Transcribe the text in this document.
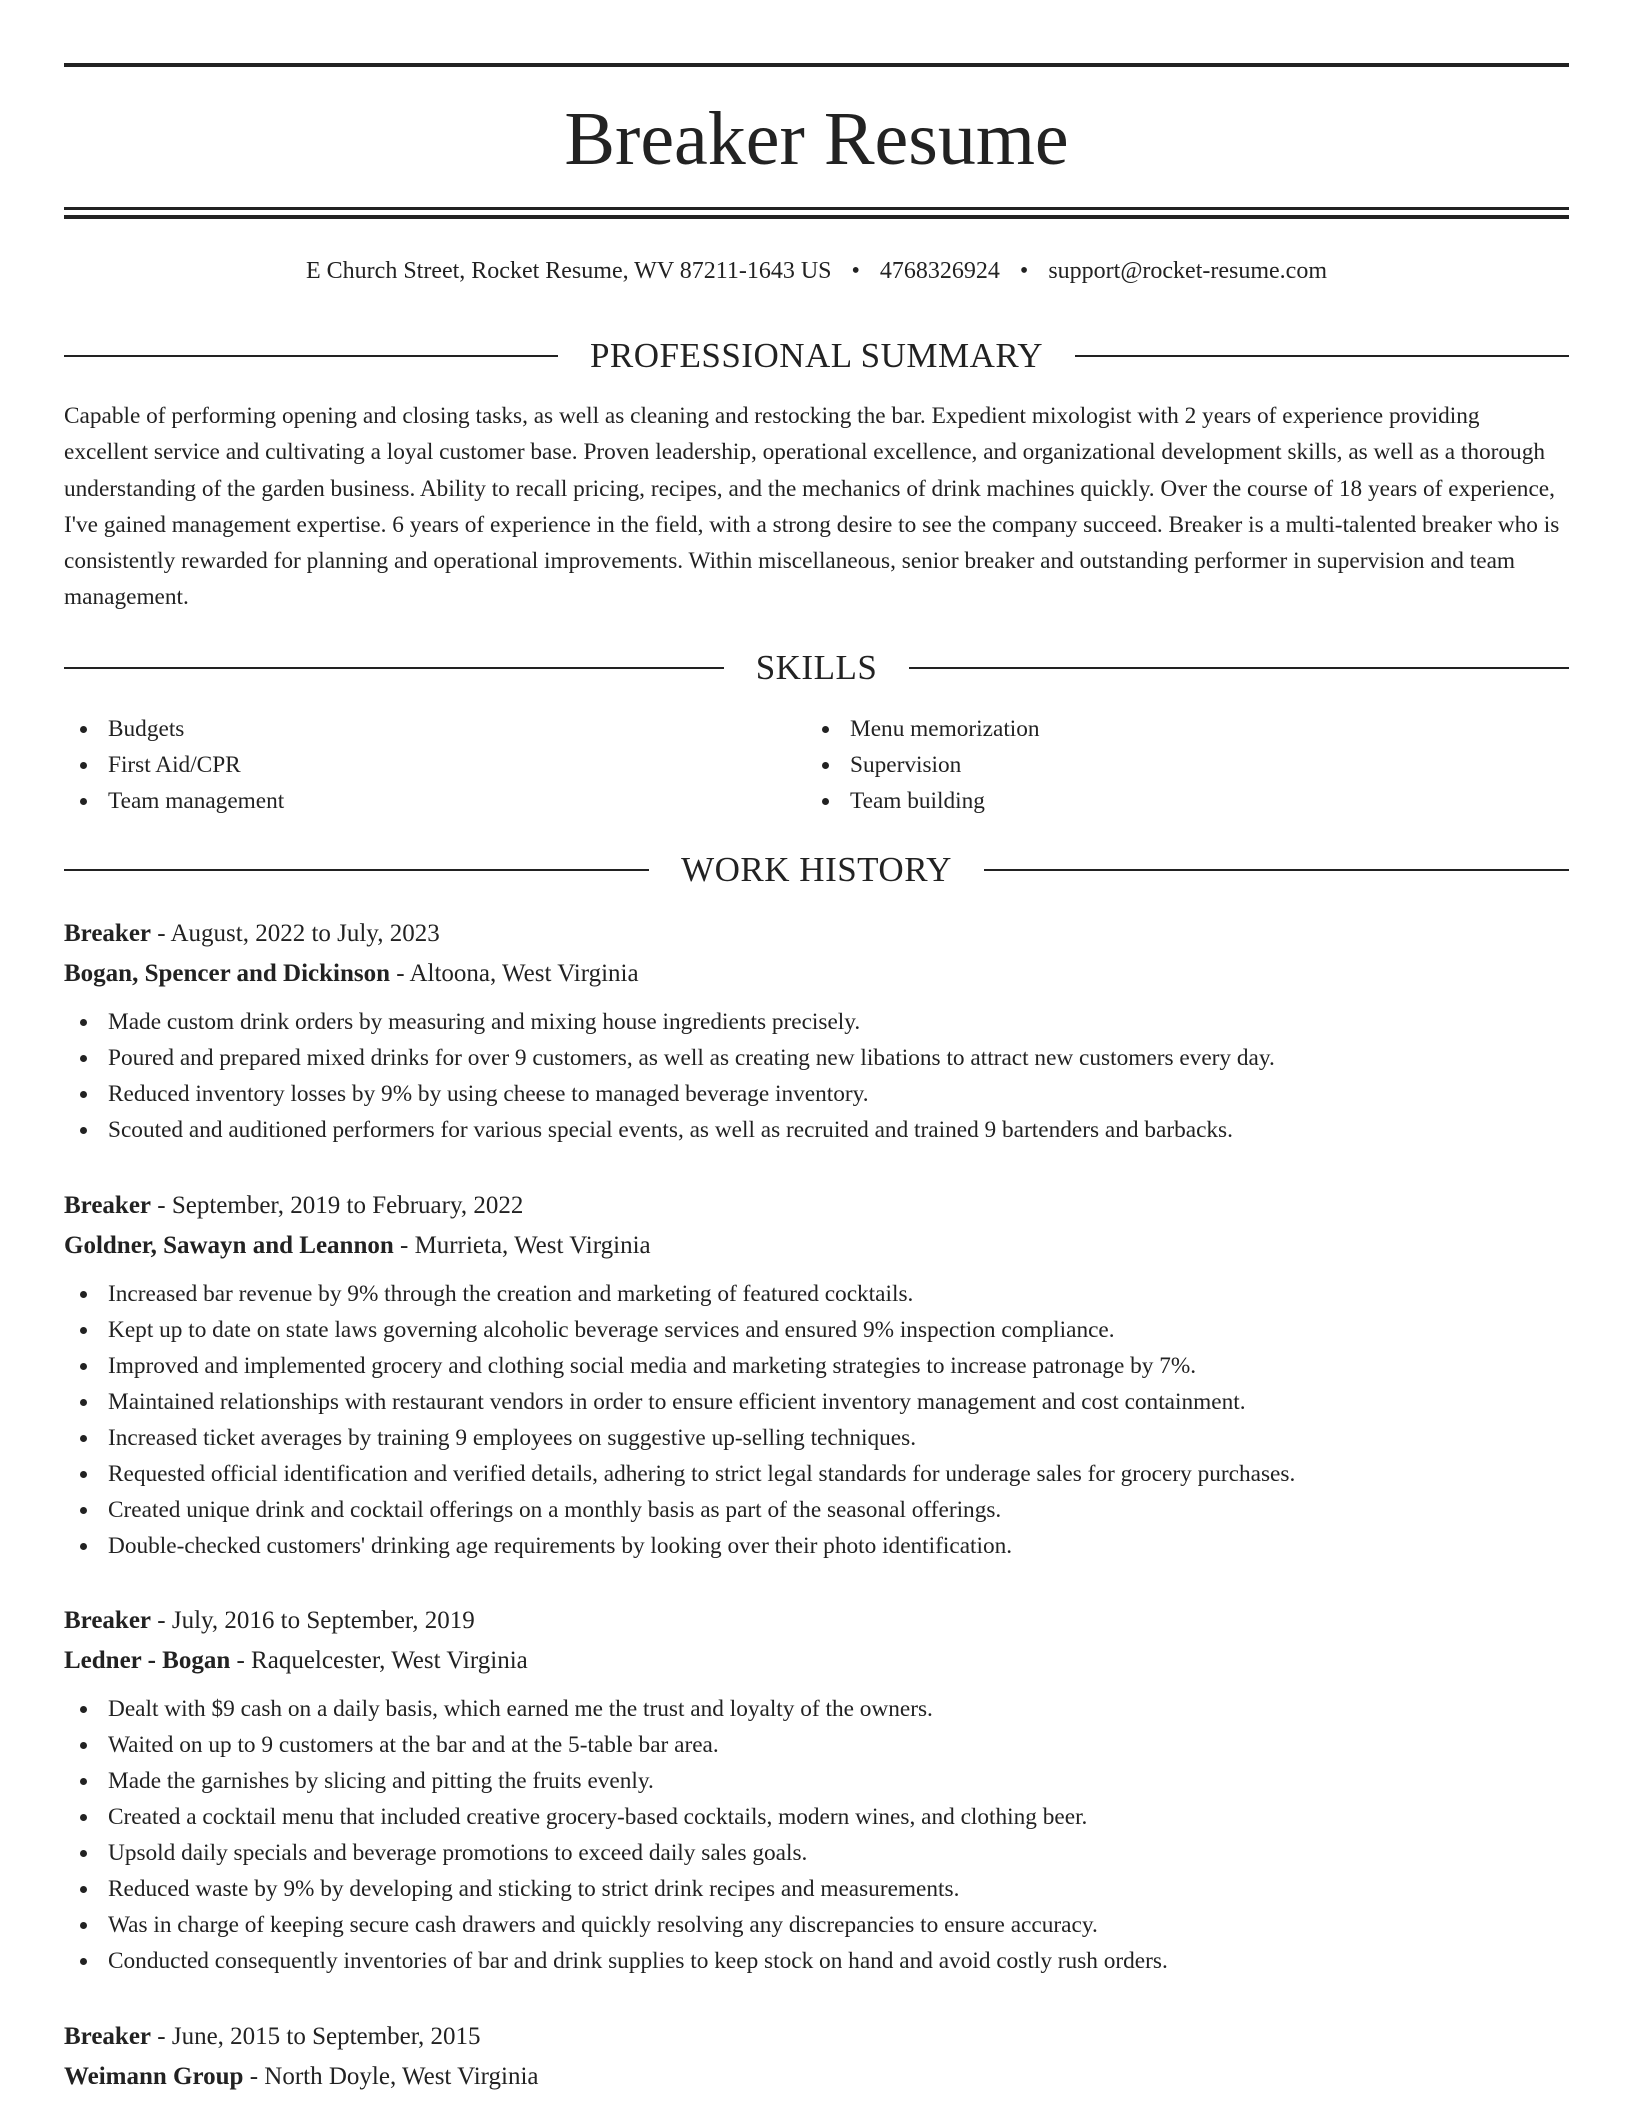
Breaker Resume
E Church Street, Rocket Resume, WV 87211-1643 US • 4768326924 • support@rocket-resume.com
PROFESSIONAL SUMMARY

Capable of performing opening and closing tasks, as well as cleaning and restocking the bar. Expedient mixologist with 2 years of experience providing excellent service and cultivating a loyal customer base. Proven leadership, operational excellence, and organizational development skills, as well as a thorough understanding of the garden business. Ability to recall pricing, recipes, and the mechanics of drink machines quickly. Over the course of 18 years of experience, I've gained management expertise. 6 years of experience in the field, with a strong desire to see the company succeed. Breaker is a multi-talented breaker who is consistently rewarded for planning and operational improvements. Within miscellaneous, senior breaker and outstanding performer in supervision and team management.

SKILLS
Budgets
First Aid/CPR
Team management
Menu memorization
Supervision
Team building
WORK HISTORY
Breaker - August, 2022 to July, 2023
Bogan, Spencer and Dickinson - Altoona, West Virginia
Made custom drink orders by measuring and mixing house ingredients precisely.
Poured and prepared mixed drinks for over 9 customers, as well as creating new libations to attract new customers every day.
Reduced inventory losses by 9% by using cheese to managed beverage inventory.
Scouted and auditioned performers for various special events, as well as recruited and trained 9 bartenders and barbacks.
Breaker - September, 2019 to February, 2022
Goldner, Sawayn and Leannon - Murrieta, West Virginia
Increased bar revenue by 9% through the creation and marketing of featured cocktails.
Kept up to date on state laws governing alcoholic beverage services and ensured 9% inspection compliance.
Improved and implemented grocery and clothing social media and marketing strategies to increase patronage by 7%.
Maintained relationships with restaurant vendors in order to ensure efficient inventory management and cost containment.
Increased ticket averages by training 9 employees on suggestive up-selling techniques.
Requested official identification and verified details, adhering to strict legal standards for underage sales for grocery purchases.
Created unique drink and cocktail offerings on a monthly basis as part of the seasonal offerings.
Double-checked customers' drinking age requirements by looking over their photo identification.
Breaker - July, 2016 to September, 2019
Ledner - Bogan - Raquelcester, West Virginia
Dealt with $9 cash on a daily basis, which earned me the trust and loyalty of the owners.
Waited on up to 9 customers at the bar and at the 5-table bar area.
Made the garnishes by slicing and pitting the fruits evenly.
Created a cocktail menu that included creative grocery-based cocktails, modern wines, and clothing beer.
Upsold daily specials and beverage promotions to exceed daily sales goals.
Reduced waste by 9% by developing and sticking to strict drink recipes and measurements.
Was in charge of keeping secure cash drawers and quickly resolving any discrepancies to ensure accuracy.
Conducted consequently inventories of bar and drink supplies to keep stock on hand and avoid costly rush orders.
Breaker - June, 2015 to September, 2015
Weimann Group - North Doyle, West Virginia
